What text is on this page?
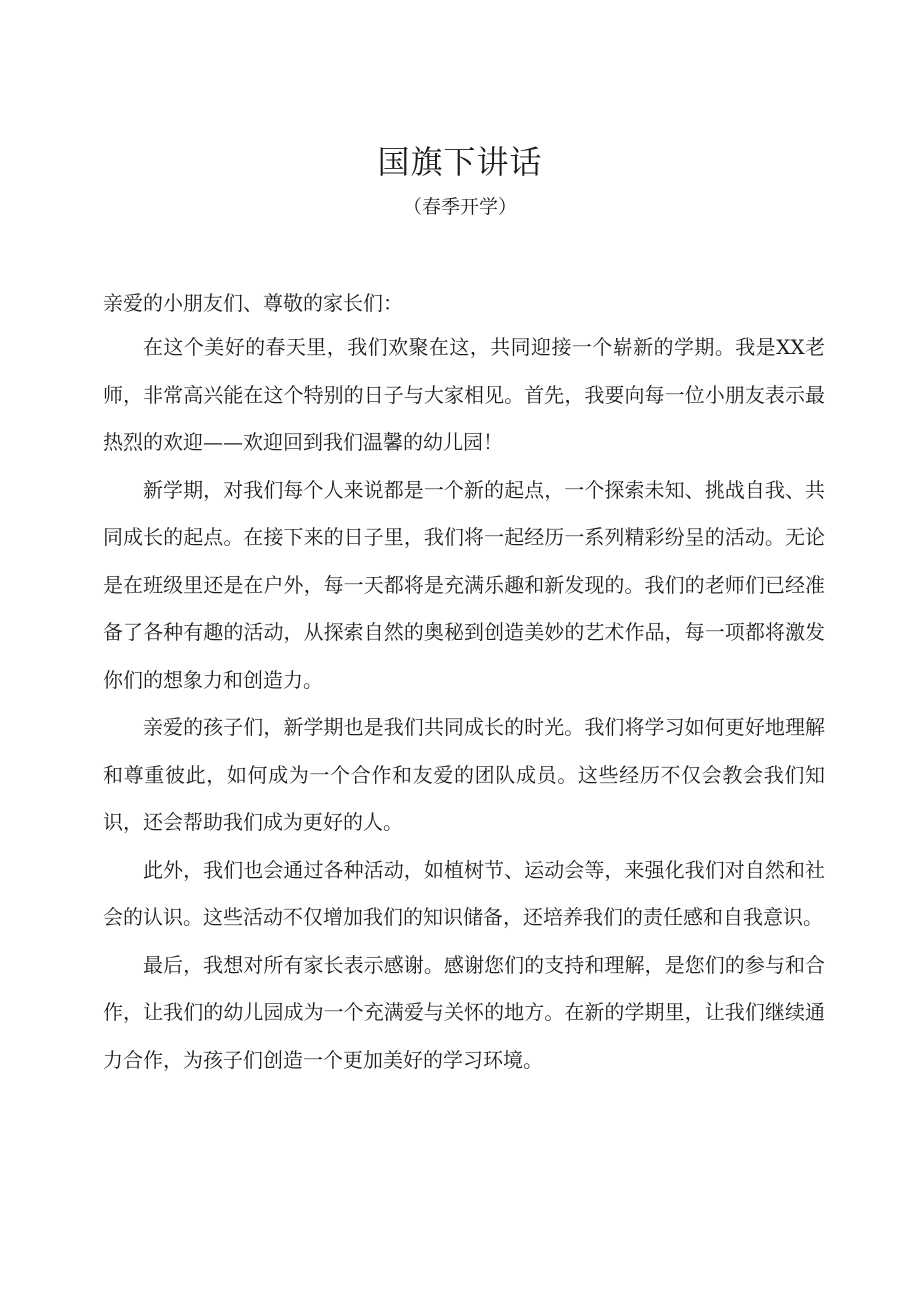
国旗下讲话
（春季开学）

亲爱的小朋友们、尊敬的家长们：

在这个美好的春天里，我们欢聚在这，共同迎接一个崭新的学期。我是XX老师，非常高兴能在这个特别的日子与大家相见。首先，我要向每一位小朋友表示最热烈的欢迎——欢迎回到我们温馨的幼儿园！

新学期，对我们每个人来说都是一个新的起点，一个探索未知、挑战自我、共同成长的起点。在接下来的日子里，我们将一起经历一系列精彩纷呈的活动。无论是在班级里还是在户外，每一天都将是充满乐趣和新发现的。我们的老师们已经准备了各种有趣的活动，从探索自然的奥秘到创造美妙的艺术作品，每一项都将激发你们的想象力和创造力。

亲爱的孩子们，新学期也是我们共同成长的时光。我们将学习如何更好地理解和尊重彼此，如何成为一个合作和友爱的团队成员。这些经历不仅会教会我们知识，还会帮助我们成为更好的人。

此外，我们也会通过各种活动，如植树节、运动会等，来强化我们对自然和社会的认识。这些活动不仅增加我们的知识储备，还培养我们的责任感和自我意识。

最后，我想对所有家长表示感谢。感谢您们的支持和理解，是您们的参与和合作，让我们的幼儿园成为一个充满爱与关怀的地方。在新的学期里，让我们继续通力合作，为孩子们创造一个更加美好的学习环境。
